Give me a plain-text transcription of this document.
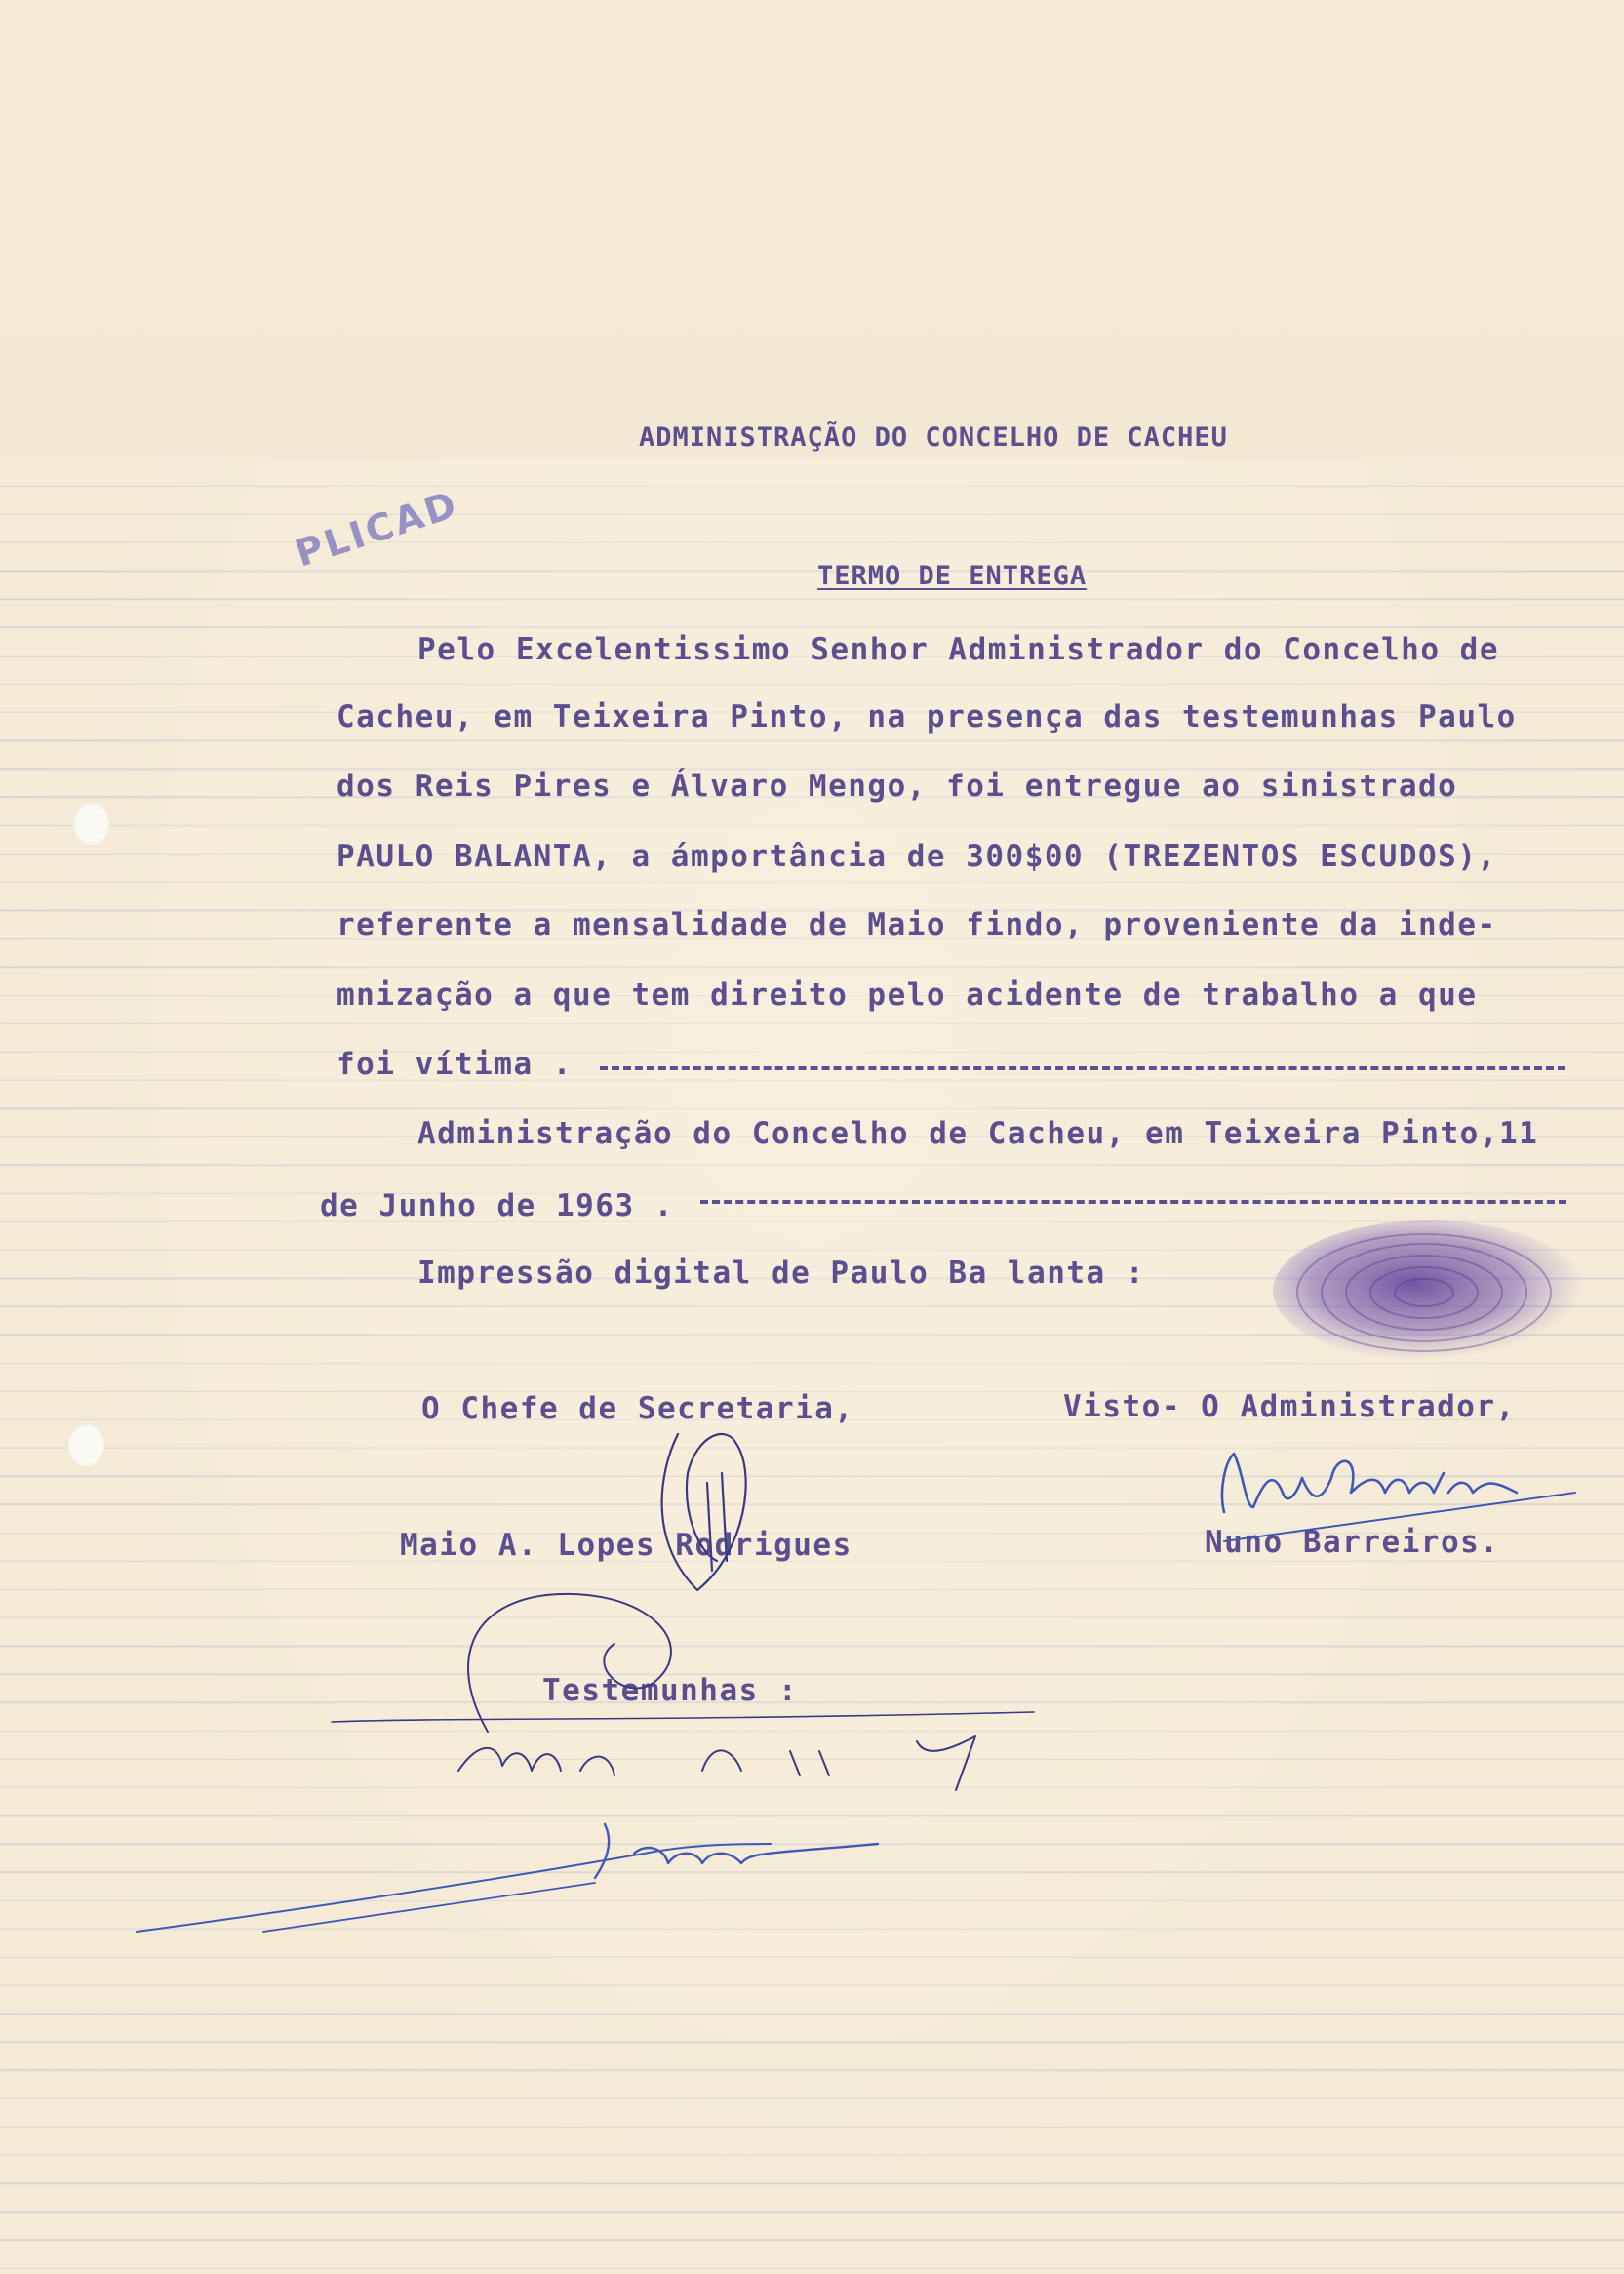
PLICAD
ADMINISTRAÇÃO DO CONCELHO DE CACHEU
TERMO DE ENTREGA
Pelo Excelentissimo Senhor Administrador do Concelho de
Cacheu, em Teixeira Pinto, na presença das testemunhas Paulo
dos Reis Pires e Álvaro Mengo, foi entregue ao sinistrado
PAULO BALANTA, a ámportância de 300$00 (TREZENTOS ESCUDOS),
referente a mensalidade de Maio findo, proveniente da inde-
mnização a que tem direito pelo acidente de trabalho a que
foi vítima .
Administração do Concelho de Cacheu, em Teixeira Pinto,11
de Junho de 1963 .
Impressão digital de Paulo Ba lanta :
O Chefe de Secretaria,	Visto- O Administrador,
Maio A. Lopes Rodrigues	Nuno Barreiros.
Testemunhas :
